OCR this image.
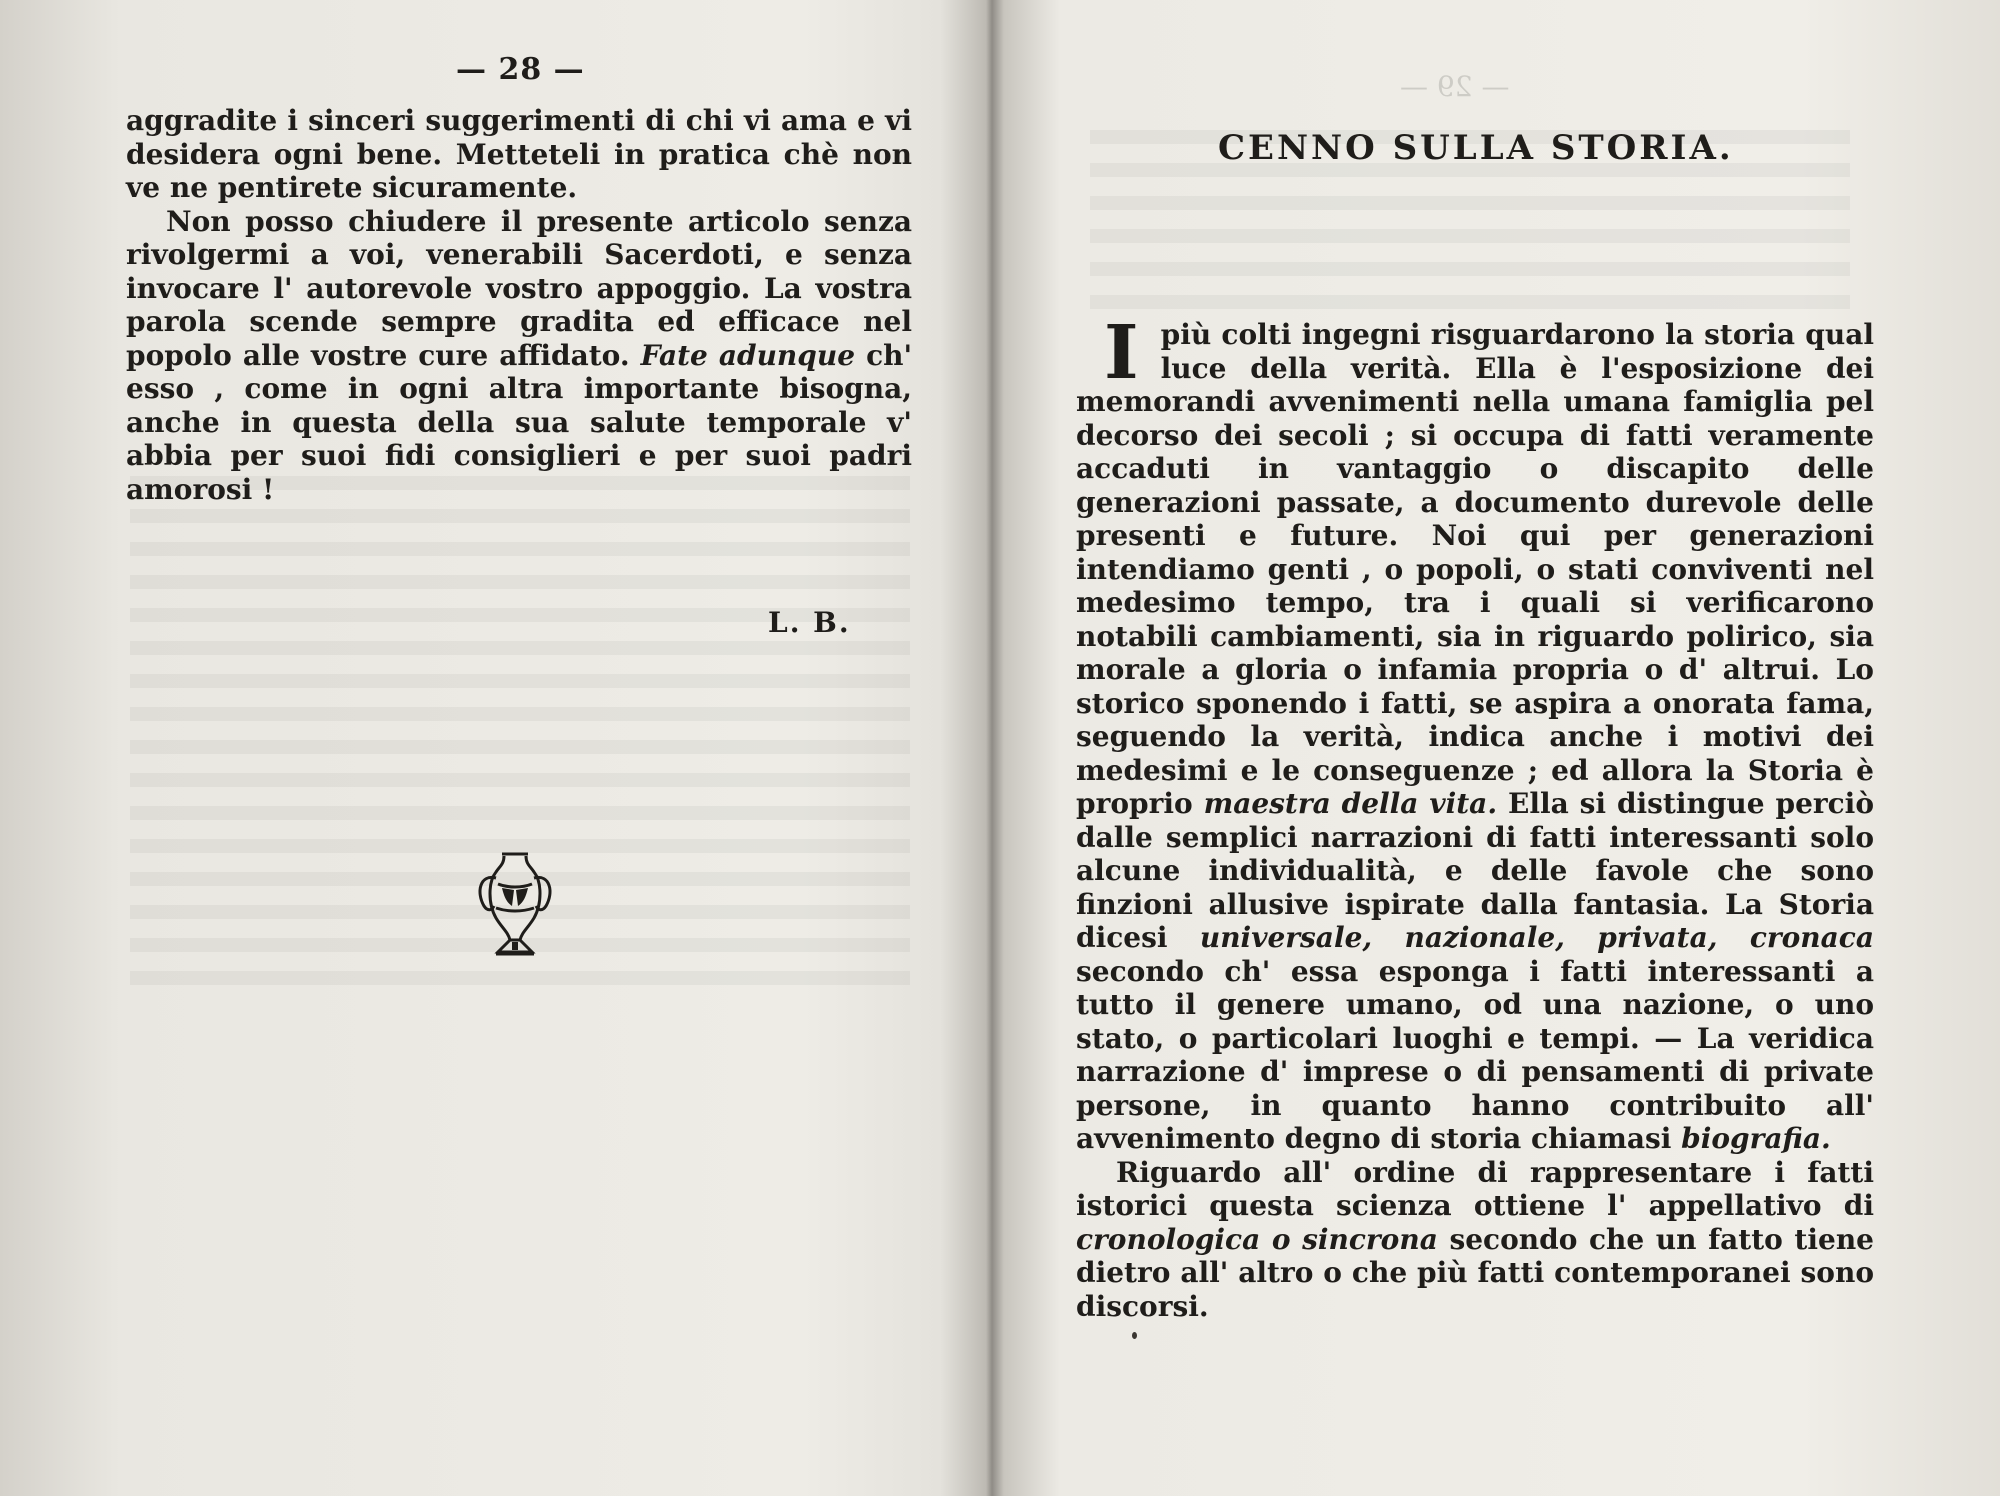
— 28 —

aggradite i sinceri suggerimenti di chi vi ama e vi desidera ogni bene. Metteteli in pratica chè non ve ne pentirete sicuramente.

Non posso chiudere il presente articolo senza rivolgermi a voi, venerabili Sacerdoti, e senza invocare l' autorevole vostro appoggio. La vostra parola scende sempre gradita ed efficace nel popolo alle vostre cure affidato. Fate adunque ch' esso , come in ogni altra importante bisogna, anche in questa della sua salute temporale v' abbia per suoi fidi consiglieri e per suoi padri amorosi !

L. B.
— 29 —
CENNO SULLA STORIA.

I più colti ingegni risguardarono la storia qual luce della verità. Ella è l'esposizione dei memorandi avvenimenti nella umana famiglia pel decorso dei secoli ; si occupa di fatti veramente accaduti in vantaggio o discapito delle generazioni passate, a documento durevole delle presenti e future. Noi qui per generazioni intendiamo genti , o popoli, o stati conviventi nel medesimo tempo, tra i quali si verificarono notabili cambiamenti, sia in riguardo polirico, sia morale a gloria o infamia propria o d' altrui. Lo storico sponendo i fatti, se aspira a onorata fama, seguendo la verità, indica anche i motivi dei medesimi e le conseguenze ; ed allora la Storia è proprio maestra della vita. Ella si distingue perciò dalle semplici narrazioni di fatti interessanti solo alcune individualità, e delle favole che sono finzioni allusive ispirate dalla fantasia. La Storia dicesi universale, nazionale, privata, cronaca secondo ch' essa esponga i fatti interessanti a tutto il genere umano, od una nazione, o uno stato, o particolari luoghi e tempi. — La veridica narrazione d' imprese o di pensamenti di private persone, in quanto hanno contribuito all' avvenimento degno di storia chiamasi biografia.

Riguardo all' ordine di rappresentare i fatti istorici questa scienza ottiene l' appellativo di cronologica o sincrona secondo che un fatto tiene dietro all' altro o che più fatti contemporanei sono discorsi.
